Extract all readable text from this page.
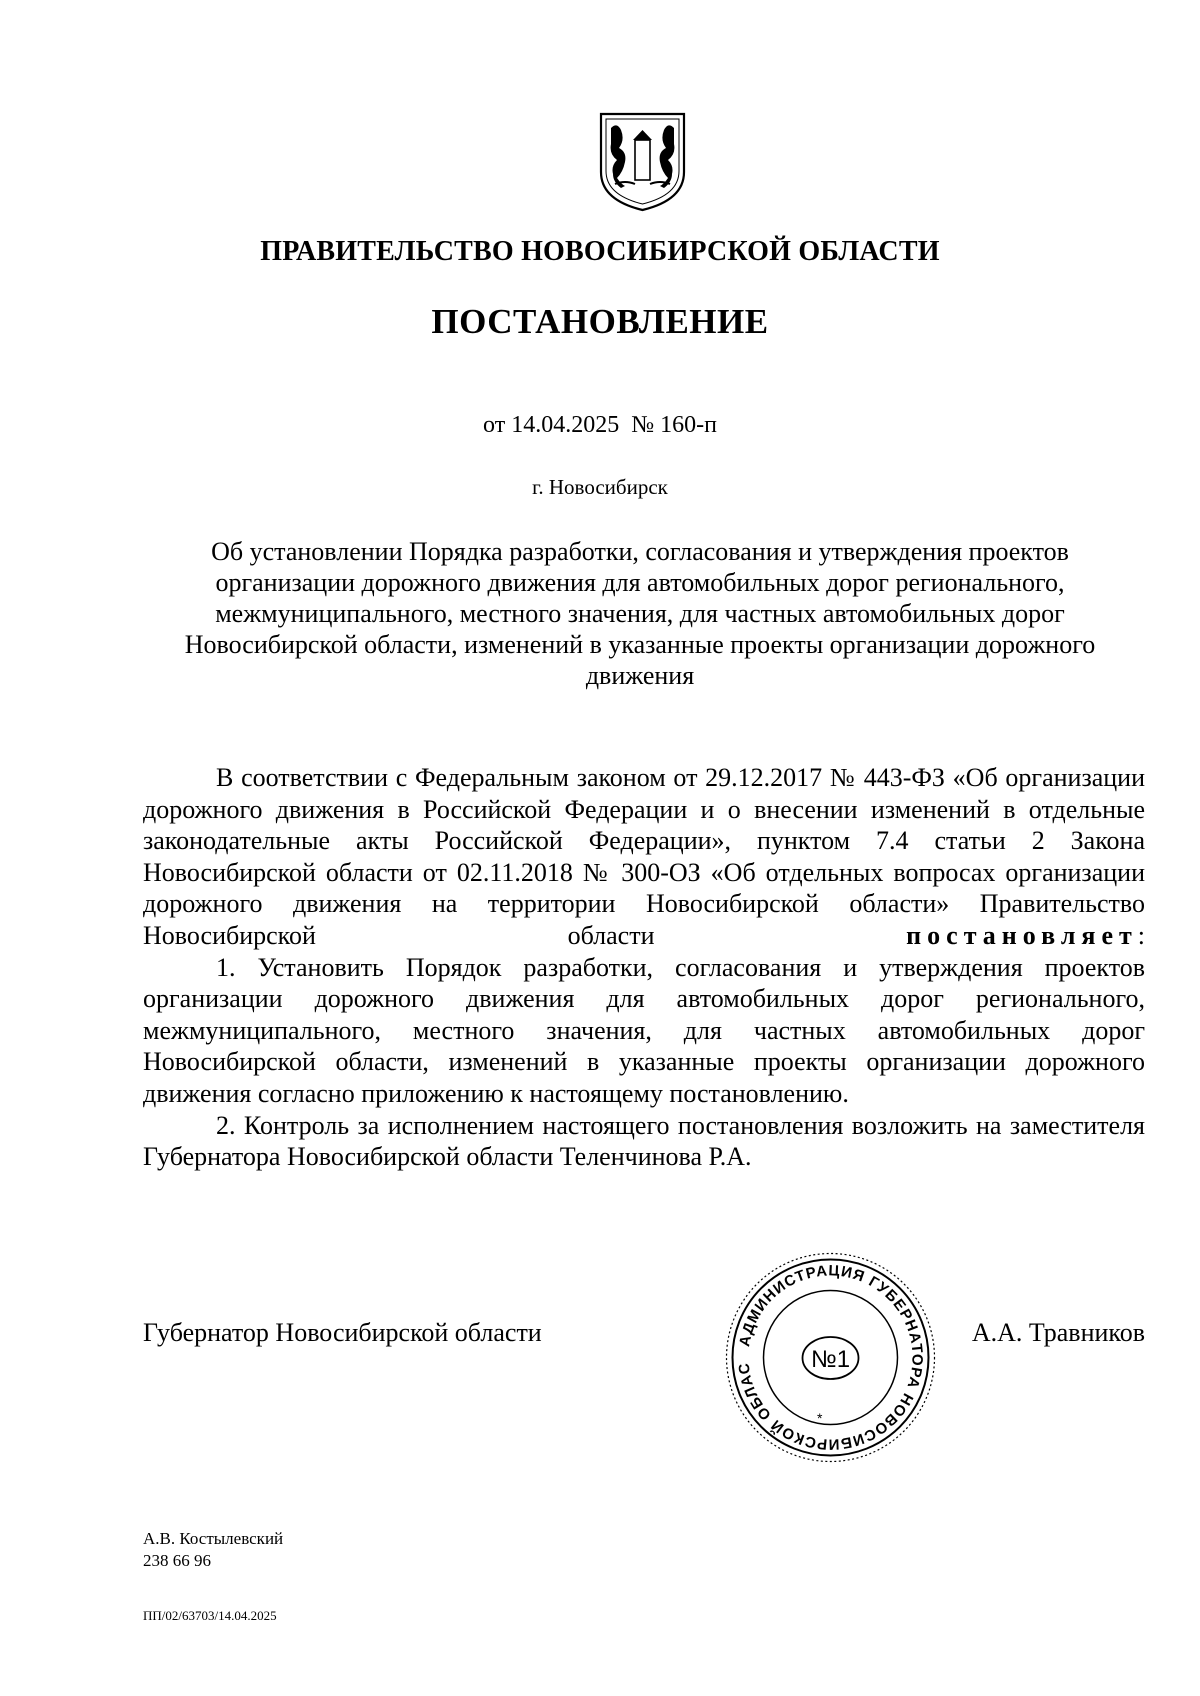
ПРАВИТЕЛЬСТВО НОВОСИБИРСКОЙ ОБЛАСТИ
ПОСТАНОВЛЕНИЕ
от 14.04.2025  № 160-п
г. Новосибирск
Об установлении Порядка разработки, согласования и утверждения проектов организации дорожного движения для автомобильных дорог регионального, межмуниципального, местного значения, для частных автомобильных дорог Новосибирской области, изменений в указанные проекты организации дорожного движения

В соответствии с Федеральным законом от 29.12.2017 № 443-ФЗ «Об организации дорожного движения в Российской Федерации и о внесении изменений в отдельные законодательные акты Российской Федерации», пунктом 7.4 статьи 2 Закона Новосибирской области от 02.11.2018 № 300-ОЗ «Об отдельных вопросах организации дорожного движения на территории Новосибирской области» Правительство Новосибирской области	постановляет:

1. Установить Порядок разработки, согласования и утверждения проектов организации дорожного движения для автомобильных дорог регионального, межмуниципального, местного значения, для частных автомобильных дорог Новосибирской области, изменений в указанные проекты организации дорожного движения согласно приложению к настоящему постановлению.

2. Контроль за исполнением настоящего постановления возложить на заместителя Губернатора Новосибирской области Теленчинова Р.А.

Губернатор Новосибирской области	А.А. Травников
АДМИНИСТРАЦИЯ ГУБЕРНАТОРА НОВОСИБИРСКОЙ ОБЛАС	№1
*
А.В. Костылевский
238 66 96
ПП/02/63703/14.04.2025
